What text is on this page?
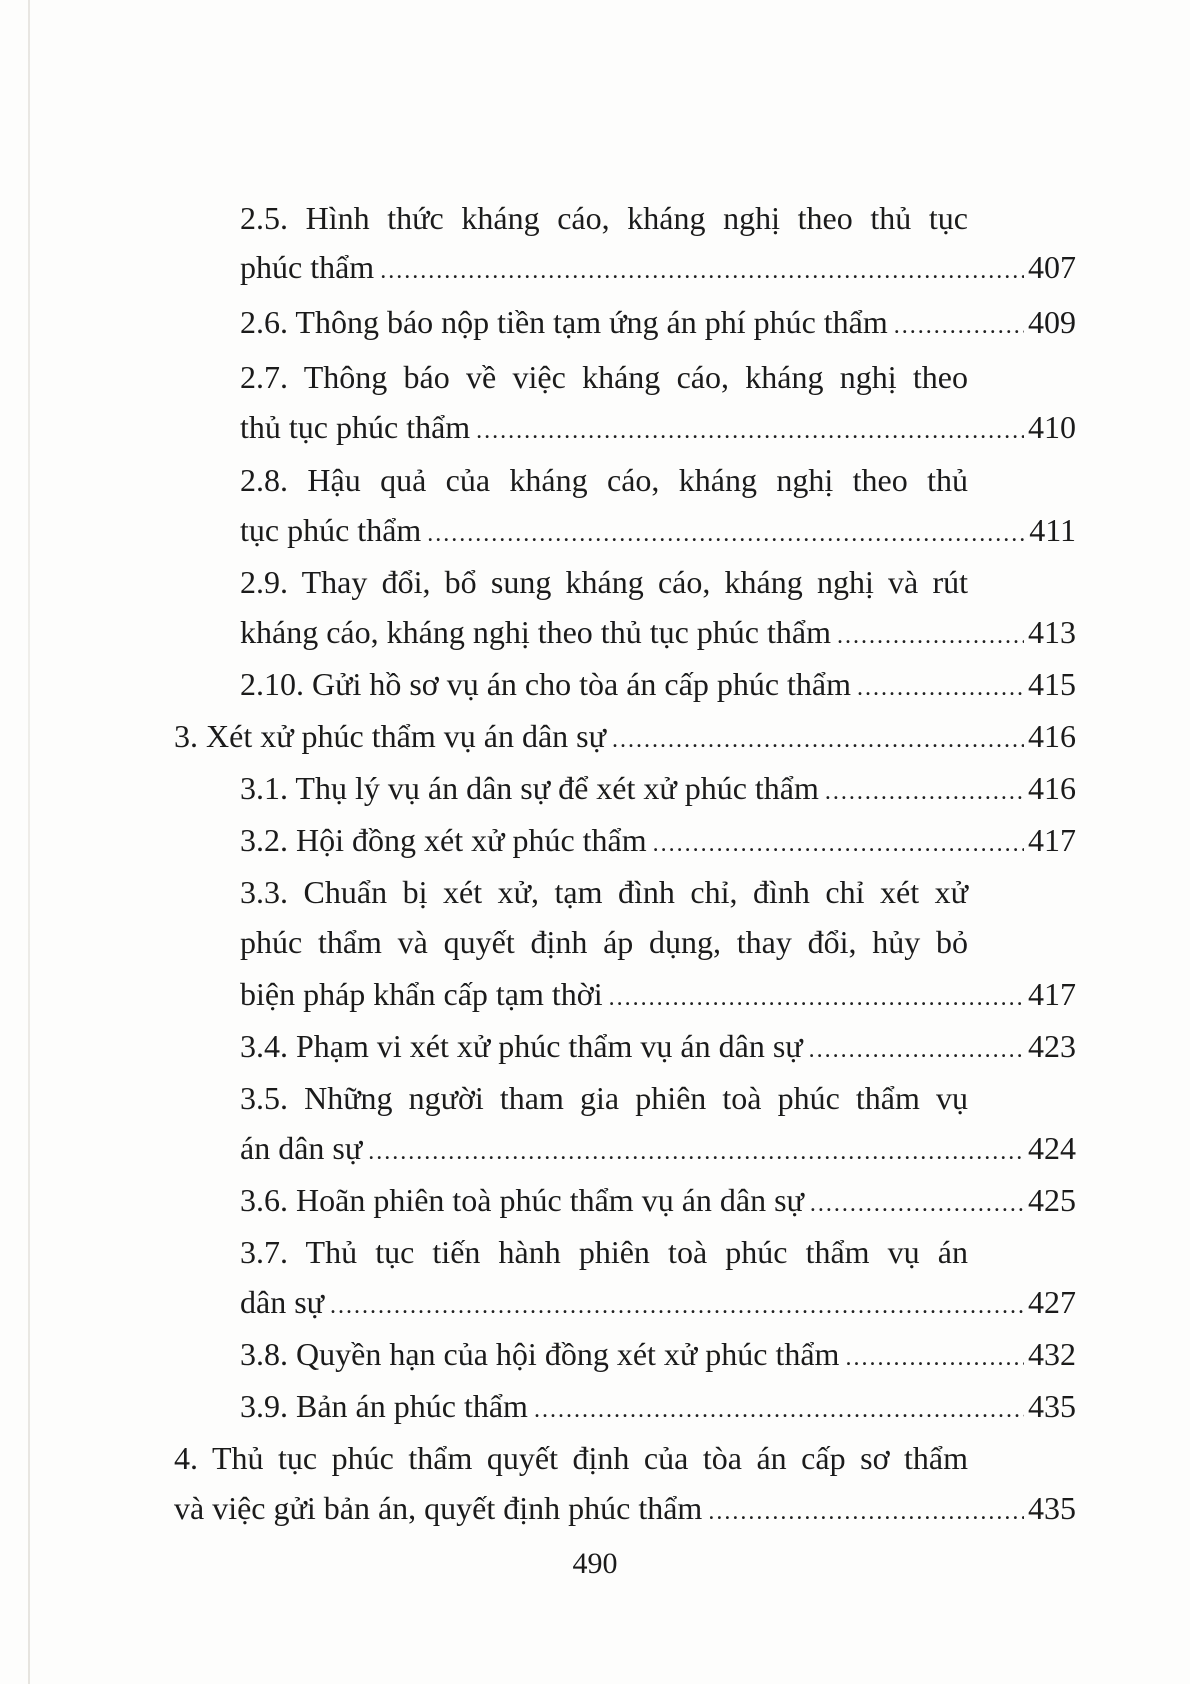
2.5. Hình thức kháng cáo, kháng nghị theo thủ tục
phúc thẩm .....	407
2.6. Thông báo nộp tiền tạm ứng án phí phúc thẩm .....	409
2.7. Thông báo về việc kháng cáo, kháng nghị theo
thủ tục phúc thẩm .....	410
2.8. Hậu quả của kháng cáo, kháng nghị theo thủ
tục phúc thẩm .....	411
2.9. Thay đổi, bổ sung kháng cáo, kháng nghị và rút
kháng cáo, kháng nghị theo thủ tục phúc thẩm .....	413
2.10. Gửi hồ sơ vụ án cho tòa án cấp phúc thẩm .....	415
3. Xét xử phúc thẩm vụ án dân sự .....	416
3.1. Thụ lý vụ án dân sự để xét xử phúc thẩm .....	416
3.2. Hội đồng xét xử phúc thẩm .....	417
3.3. Chuẩn bị xét xử, tạm đình chỉ, đình chỉ xét xử
phúc thẩm và quyết định áp dụng, thay đổi, hủy bỏ
biện pháp khẩn cấp tạm thời .....	417
3.4. Phạm vi xét xử phúc thẩm vụ án dân sự .....	423
3.5. Những người tham gia phiên toà phúc thẩm vụ
án dân sự .....	424
3.6. Hoãn phiên toà phúc thẩm vụ án dân sự .....	425
3.7. Thủ tục tiến hành phiên toà phúc thẩm vụ án
dân sự .....	427
3.8. Quyền hạn của hội đồng xét xử phúc thẩm .....	432
3.9. Bản án phúc thẩm .....	435
4. Thủ tục phúc thẩm quyết định của tòa án cấp sơ thẩm
và việc gửi bản án, quyết định phúc thẩm .....	435
490
